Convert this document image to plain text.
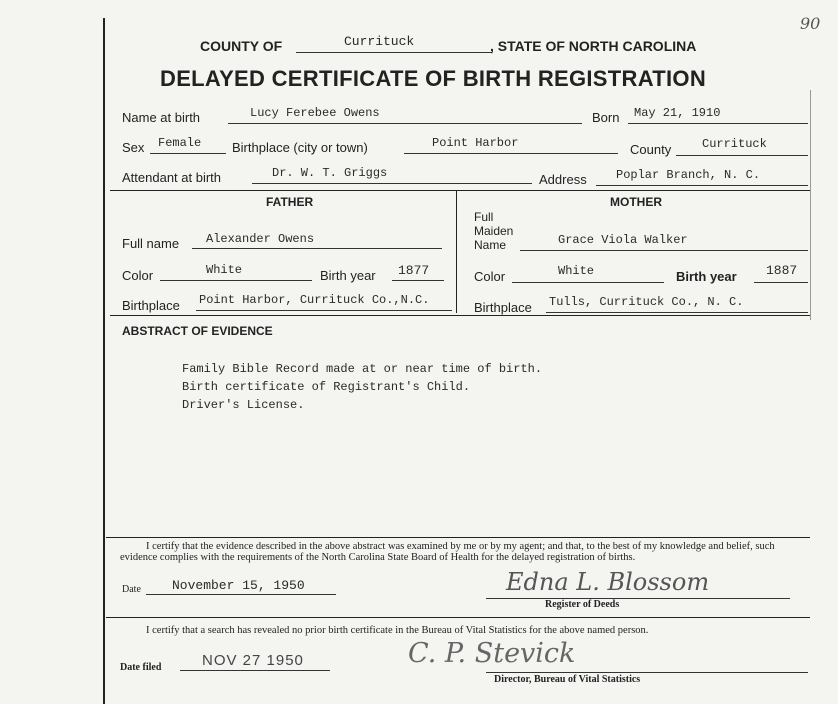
90
COUNTY OF	Currituck	, STATE OF NORTH CAROLINA
DELAYED CERTIFICATE OF BIRTH REGISTRATION
Name at birth	Lucy Ferebee Owens	Born May 21, 1910
Sex Female Birthplace (city or town)	Point Harbor	County	Currituck
Attendant at birth	Dr. W. T. Griggs	Address Poplar Branch, N. C.
FATHER
Full name Alexander Owens
Color	White	Birth year 1877
Birthplace Point Harbor, Currituck Co.,N.C.
MOTHER
Full
Maiden
Name	Grace Viola Walker
Color	White	Birth year 1887
Birthplace Tulls, Currituck Co., N. C.
ABSTRACT OF EVIDENCE
Family Bible Record made at or near time of birth.
Birth certificate of Registrant's Child.
Driver's License.
I certify that the evidence described in the above abstract was examined by me or by my agent; and that, to the best of my knowledge and belief, such evidence complies with the requirements of the North Carolina State Board of Health for the delayed registration of births.
Date November 15, 1950	Edna L. Blossom
Register of Deeds
I certify that a search has revealed no prior birth certificate in the Bureau of Vital Statistics for the above named person.
Date filed	NOV 27 1950	C. P. Stevick
Director, Bureau of Vital Statistics
